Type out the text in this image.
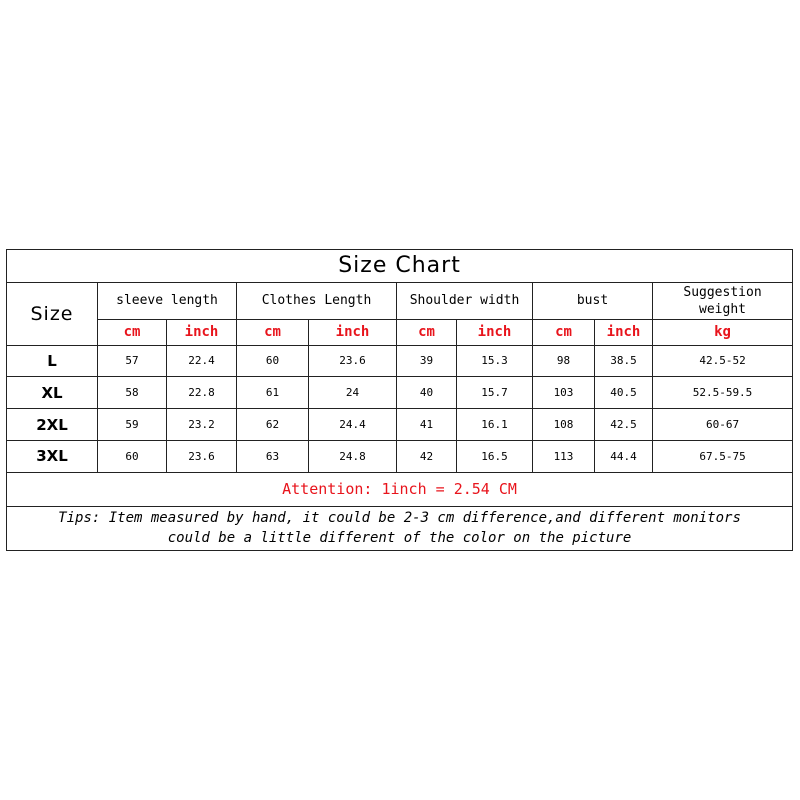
Size Chart									
Size	sleeve length		Clothes Length		Shoulder width		bust		Suggestion
weight
	cm	inch	cm	inch	cm	inch	cm	inch	kg
L	57	22.4	60	23.6	39	15.3	98	38.5	42.5-52
XL	58	22.8	61	24	40	15.7	103	40.5	52.5-59.5
2XL	59	23.2	62	24.4	41	16.1	108	42.5	60-67
3XL	60	23.6	63	24.8	42	16.5	113	44.4	67.5-75
Attention: 1inch = 2.54 CM									

Tips: Item measured by hand, it could be 2-3 cm difference,and different monitors
could be a little different of the color on the picture									
